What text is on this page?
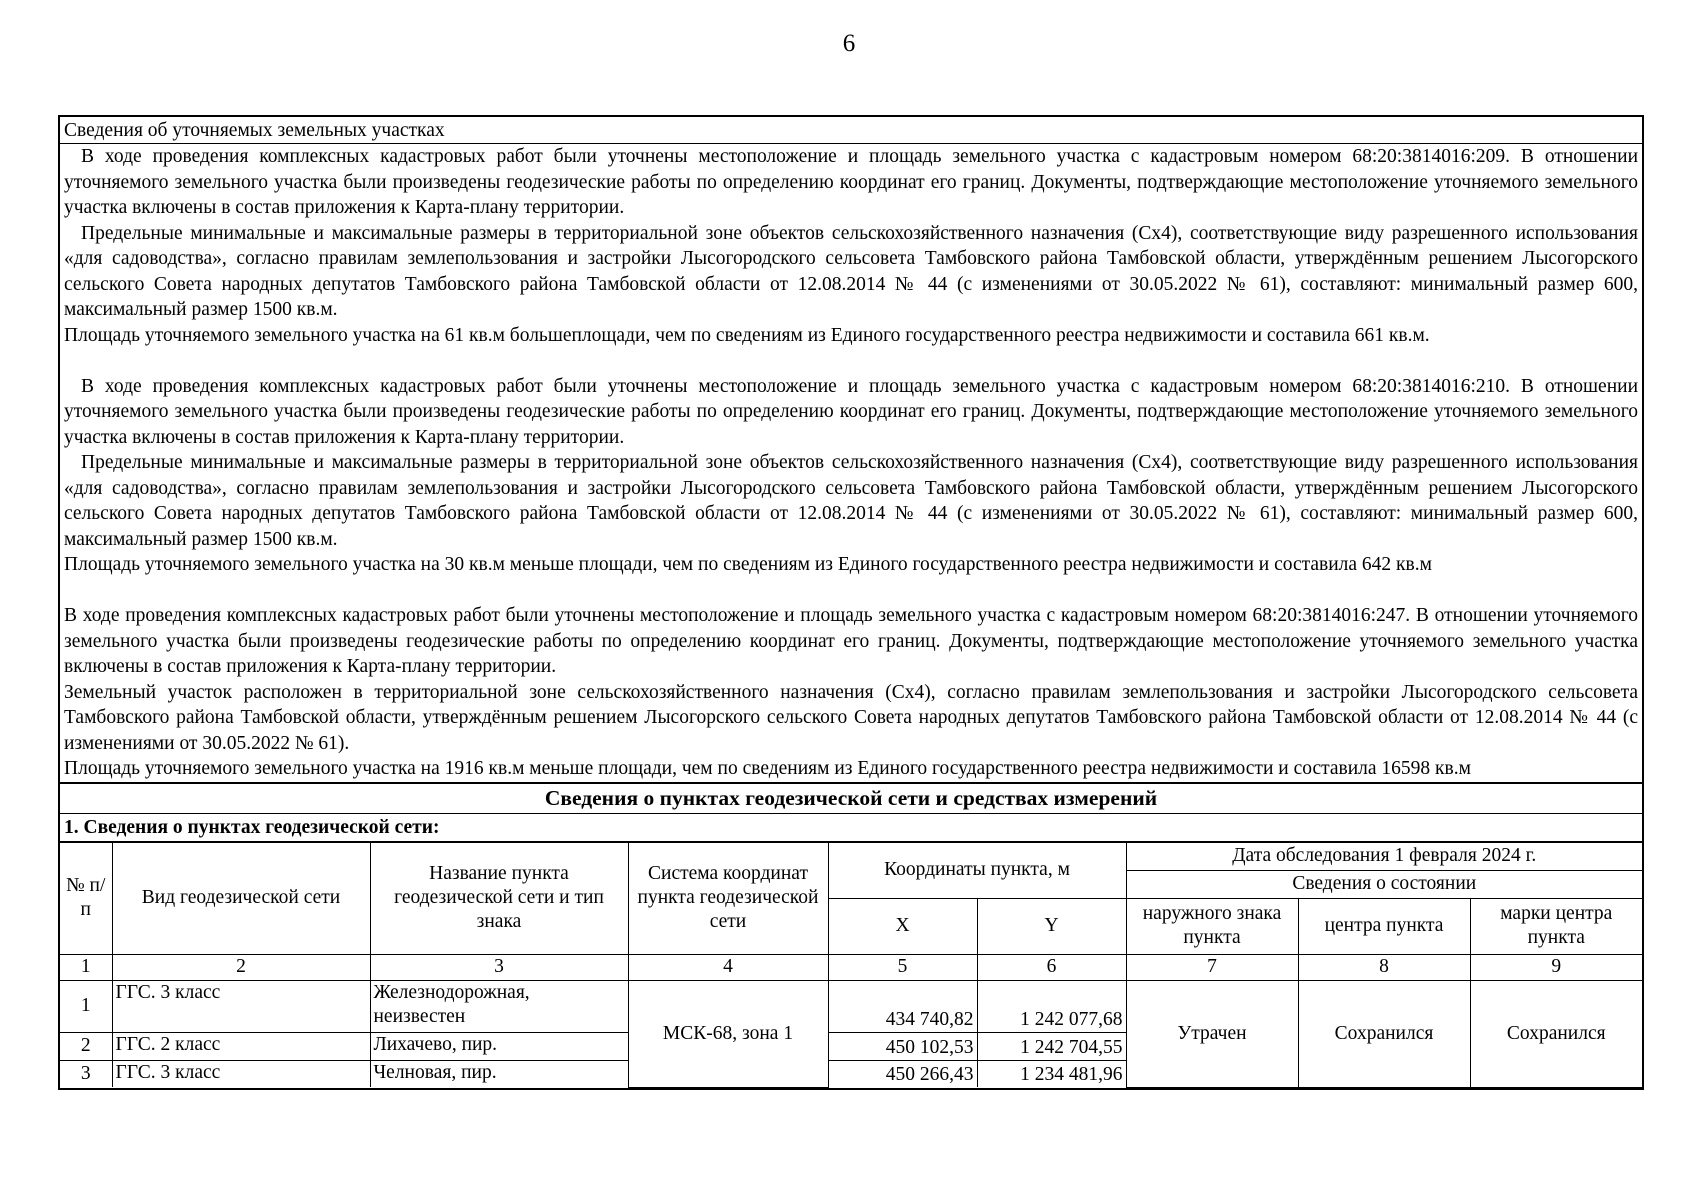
6
Сведения об уточняемых земельных участках

В ходе проведения комплексных кадастровых работ были уточнены местоположение и площадь земельного участка с кадастровым номером 68:20:3814016:209. В отношении уточняемого земельного участка были произведены геодезические работы по определению координат его границ. Документы, подтверждающие местоположение уточняемого земельного участка включены в состав приложения к Карта-плану территории.

Предельные минимальные и максимальные размеры в территориальной зоне объектов сельскохозяйственного назначения (Сх4), соответствующие виду разрешенного использования «для садоводства», согласно правилам землепользования и застройки Лысогородского сельсовета Тамбовского района Тамбовской области, утверждённым решением Лысогорского сельского Совета народных депутатов Тамбовского района Тамбовской области от 12.08.2014 № 44 (с изменениями от 30.05.2022 № 61), составляют: минимальный размер 600, максимальный размер 1500 кв.м.

Площадь уточняемого земельного участка на 61 кв.м большеплощади, чем по сведениям из Единого государственного реестра недвижимости и составила 661 кв.м.

В ходе проведения комплексных кадастровых работ были уточнены местоположение и площадь земельного участка с кадастровым номером 68:20:3814016:210. В отношении уточняемого земельного участка были произведены геодезические работы по определению координат его границ. Документы, подтверждающие местоположение уточняемого земельного участка включены в состав приложения к Карта-плану территории.

Предельные минимальные и максимальные размеры в территориальной зоне объектов сельскохозяйственного назначения (Сх4), соответствующие виду разрешенного использования «для садоводства», согласно правилам землепользования и застройки Лысогородского сельсовета Тамбовского района Тамбовской области, утверждённым решением Лысогорского сельского Совета народных депутатов Тамбовского района Тамбовской области от 12.08.2014 № 44 (с изменениями от 30.05.2022 № 61), составляют: минимальный размер 600, максимальный размер 1500 кв.м.

Площадь уточняемого земельного участка на 30 кв.м меньше площади, чем по сведениям из Единого государственного реестра недвижимости и составила 642 кв.м

В ходе проведения комплексных кадастровых работ были уточнены местоположение и площадь земельного участка с кадастровым номером 68:20:3814016:247. В отношении уточняемого земельного участка были произведены геодезические работы по определению координат его границ. Документы, подтверждающие местоположение уточняемого земельного участка включены в состав приложения к Карта-плану территории.

Земельный участок расположен в территориальной зоне сельскохозяйственного назначения (Сх4), согласно правилам землепользования и застройки Лысогородского сельсовета Тамбовского района Тамбовской области, утверждённым решением Лысогорского сельского Совета народных депутатов Тамбовского района Тамбовской области от 12.08.2014 № 44 (с изменениями от 30.05.2022 № 61).

Площадь уточняемого земельного участка на 1916 кв.м меньше площади, чем по сведениям из Единого государственного реестра недвижимости и составила 16598 кв.м

Сведения о пунктах геодезической сети и средствах измерений
1. Сведения о пунктах геодезической сети:
№ п/п	Вид геодезической сети	Название пункта геодезической сети и тип знака	Система координат пункта геодезической сети	Координаты пункта, м		Дата обследования 1 февраля 2024 г.		
						Сведения о состоянии		
				X	Y	наружного знака пункта	центра пункта	марки центра пункта
1	2	3	4	5	6	7	8	9
1	ГГС. 3 класс	Железнодорожная, неизвестен	МСК-68, зона 1	434 740,82	1 242 077,68	Утрачен	Сохранился	Сохранился
2	ГГС. 2 класс	Лихачево, пир.		450 102,53	1 242 704,55			
3	ГГС. 3 класс	Челновая, пир.		450 266,43	1 234 481,96			
